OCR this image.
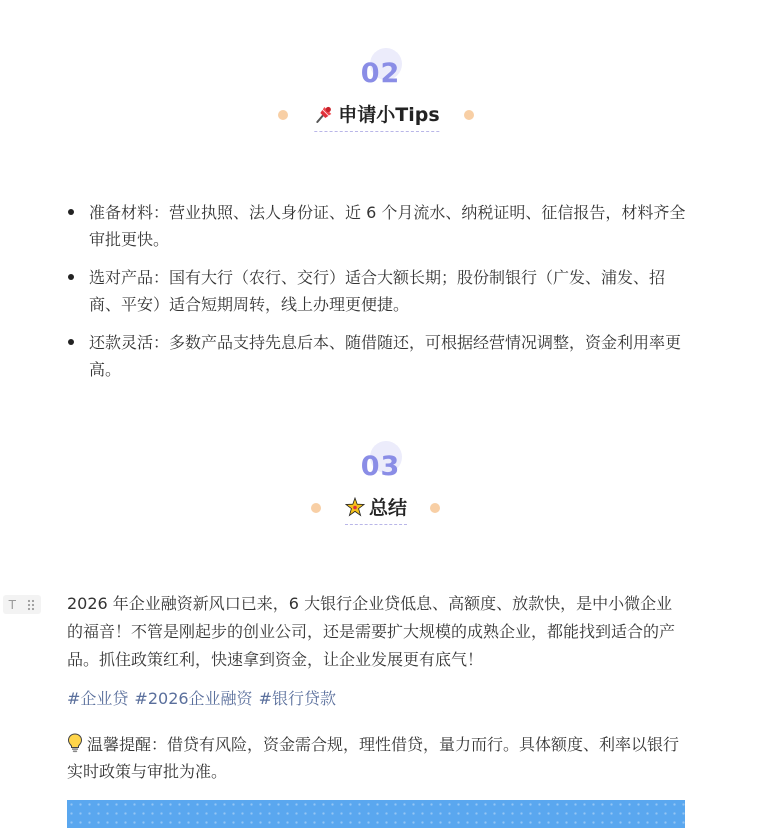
02
申请小Tips
准备材料：营业执照、法人身份证、近 6 个月流水、纳税证明、征信报告，材料齐全审批更快。
选对产品：国有大行（农行、交行）适合大额长期；股份制银行（广发、浦发、招商、平安）适合短期周转，线上办理更便捷。
还款灵活：多数产品支持先息后本、随借随还，可根据经营情况调整，资金利用率更高。
03
总结
T	2026 年企业融资新风口已来，6 大银行企业贷低息、高额度、放款快，是中小微企业的福音！不管是刚起步的创业公司，还是需要扩大规模的成熟企业，都能找到适合的产品。抓住政策红利，快速拿到资金，让企业发展更有底气！

#企业贷 #2026企业融资 #银行贷款
温馨提醒：借贷有风险，资金需合规，理性借贷，量力而行。具体额度、利率以银行实时政策与审批为准。
